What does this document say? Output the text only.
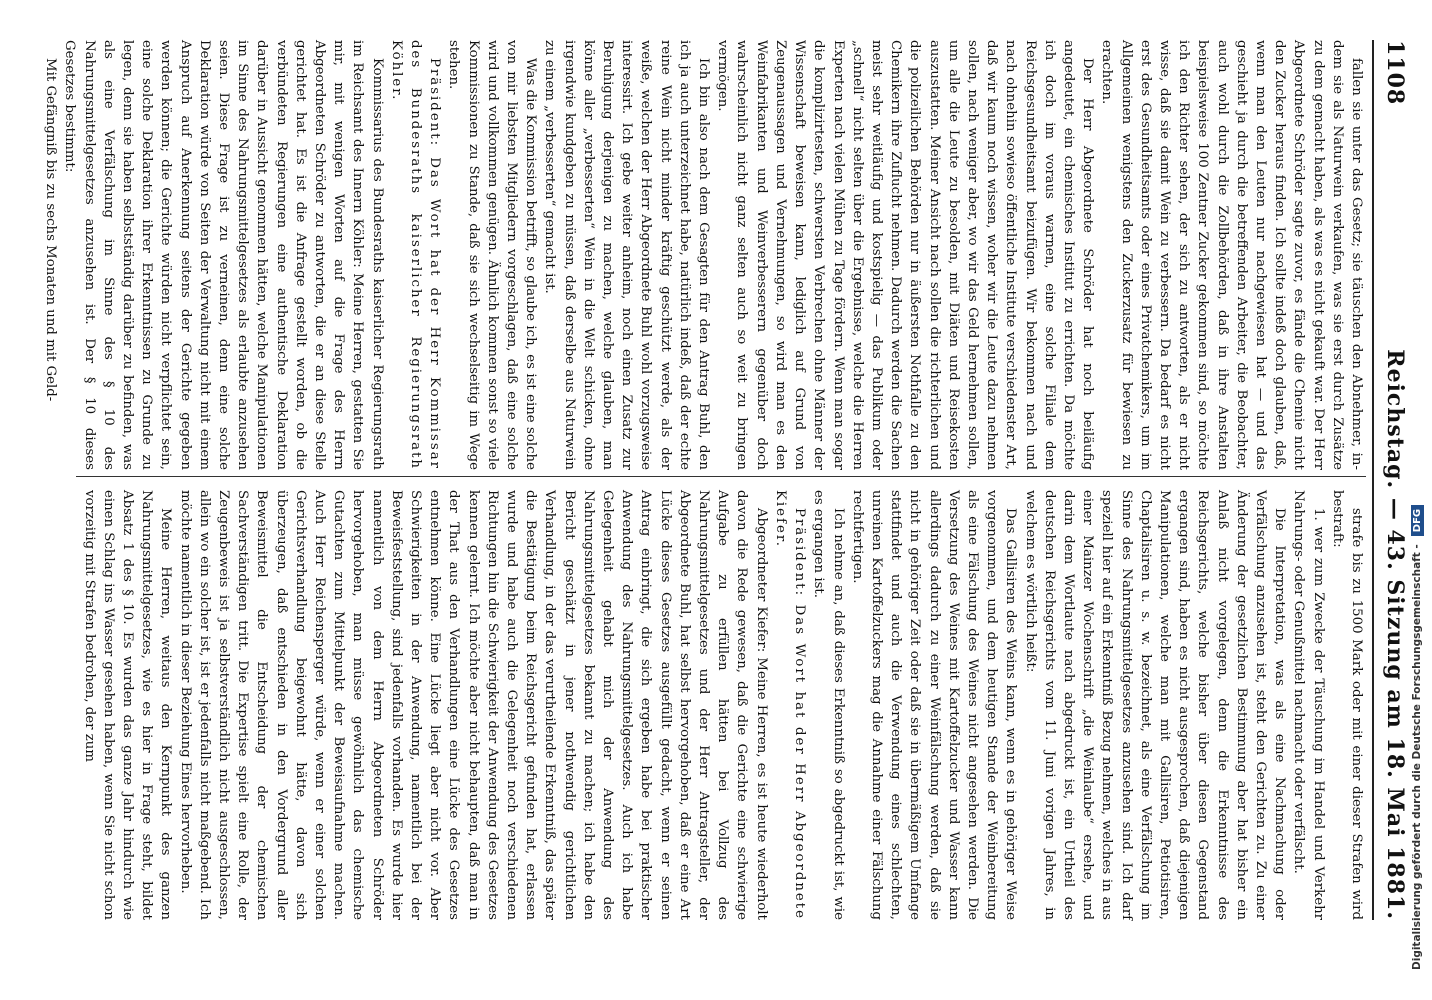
1108
Reichstag. — 43. Sitzung am 18. Mai 1881.

fallen sie unter das Gesetz; sie täuschen den Abnehmer, in-dem sie als Naturwein verkaufen, was sie erst durch Zusätze zu dem gemacht haben, als was es nicht gekauft war. Der Herr Abgeordnete Schröder sagte zuvor, es fände die Chemie nicht den Zucker heraus finden. Ich sollte indeß doch glauben, daß, wenn man den Leuten nur nachgewiesen hat — und das geschieht ja durch die betreffenden Arbeiter, die Beobachter, auch wohl durch die Zollbehörden, daß in ihre Anstalten beispielsweise 100 Zentner Zucker gekommen sind, so möchte ich den Richter sehen, der sich zu antworten, als er nicht wisse, daß sie damit Wein zu verbessern. Da bedarf es nicht erst des Gesundheitsamts oder eines Privatchemikers, um im Allgemeinen wenigstens den Zuckerzusatz für bewiesen zu erachten.

Der Herr Abgeordnete Schröder hat noch beiläufig angedeutet, ein chemisches Institut zu errichten. Da möchte ich doch im voraus warnen, eine solche Filiale dem Reichsgesundheitsamt beizufügen. Wir bekommen nach und nach ohnehin sowieso öffentliche Institute verschiedenster Art, daß wir kaum noch wissen, woher wir die Leute dazu nehmen sollen, nach weniger aber, wo wir das Geld hernehmen sollen, um alle die Leute zu besolden, mit Diäten und Reisekosten auszustatten. Meiner Ansicht nach sollen die richterlichen und die polizeilichen Behörden nur in äußersten Nothfalle zu den Chemikern ihre Zuflucht nehmen. Dadurch werden die Sachen meist sehr weitläufig und kostspielig — das Publikum oder „schnell“ nicht selten über die Ergebnisse, welche die Herren Experten nach vielen Mühen zu Tage fördern. Wenn man sogar die komplizirtesten, schwersten Verbrechen ohne Männer der Wissenschaft beweisen kann, lediglich auf Grund von Zeugenaussagen und Vernehmungen, so wird man es den Weinfabrikanten und Weinverbesserern gegenüber doch wahrscheinlich nicht ganz selten auch so weit zu bringen vermögen.

Ich bin also nach dem Gesagten für den Antrag Buhl, den ich ja auch unterzeichnet habe, natürlich indeß, daß der echte reine Wein nicht minder kräftig geschützt werde, als der weiße, welchen der Herr Abgeordnete Buhl wohl vorzugsweise interessirt. Ich gebe weiter anheim, noch einen Zusatz zur Beruhigung derjenigen zu machen, welche glauben, man könne aller „verbesserten“ Wein in die Welt schicken, ohne irgendwie kundgeben zu müssen, daß derselbe aus Naturwein zu einem „verbesserten“ gemacht ist.

Was die Kommission betrifft, so glaube ich, es ist eine solche von mir liebsten Mitgliedern vorgeschlagen, daß eine solche wird und vollkommen genügen. Ähnlich kommen sonst so viele Kommissionen zu Stande, daß sie sich wechselseitig im Wege stehen.

Präsident: Das Wort hat der Herr Kommissar des Bundesraths kaiserlicher Regierungsrath Köhler.

Kommissarius des Bundesraths kaiserlicher Regierungsrath im Reichsamt des Innern Köhler: Meine Herren, gestatten Sie mir, mit wenigen Worten auf die Frage des Herrn Abgeordneten Schröder zu antworten, die er an diese Stelle gerichtet hat. Es ist die Anfrage gestellt worden, ob die verbündeten Regierungen eine authentische Deklaration darüber in Aussicht genommen hätten, welche Manipulationen im Sinne des Nahrungsmittelgesetzes als erlaubte anzusehen seien. Diese Frage ist zu verneinen, denn eine solche Deklaration würde von Seiten der Verwaltung nicht mit einem Anspruch auf Anerkennung seitens der Gerichte gegeben werden können; die Gerichte würden nicht verpflichtet sein, eine solche Deklaration ihrer Erkenntnissen zu Grunde zu legen, denn sie haben selbstständig darüber zu befinden, was als eine Verfälschung im Sinne des § 10 des Nahrungsmittelgesetzes anzusehen ist. Der § 10 dieses Gesetzes bestimmt:

Mit Gefängniß bis zu sechs Monaten und mit Geld-

strafe bis zu 1500 Mark oder mit einer dieser Strafen wird bestraft:

1. wer zum Zwecke der Täuschung im Handel und Verkehr Nahrungs- oder Genußmittel nachmacht oder verfälscht.

Die Interpretation, was als eine Nachmachung oder Verfälschung anzusehen ist, steht den Gerichten zu. Zu einer Änderung der gesetzlichen Bestimmung aber hat bisher ein Anlaß nicht vorgelegen, denn die Erkenntnisse des Reichsgerichts, welche bisher über diesen Gegenstand ergangen sind, haben es nicht ausgesprochen, daß diejenigen Manipulationen, welche man mit Gallisiren, Petiotisiren, Chaptalisiren u. s. w. bezeichnet, als eine Verfälschung im Sinne des Nahrungsmittelgesetzes anzusehen sind. Ich darf speziell hier auf ein Erkenntniß Bezug nehmen, welches in aus einer Mainzer Wochenschrift „die Weinlaube“ ersehe, und darin dem Wortlaute nach abgedruckt ist, ein Urtheil des deutschen Reichsgerichts vom 11. Juni vorigen Jahres, in welchem es wörtlich heißt:

Das Gallisiren des Weins kann, wenn es in gehöriger Weise vorgenommen, und dem heutigen Stande der Weinbereitung als eine Fälschung des Weines nicht angesehen werden. Die Versetzung des Weines mit Kartoffelzucker und Wasser kann allerdings dadurch zu einer Weinfälschung werden, daß sie nicht in gehöriger Zeit oder daß sie in übermäßigem Umfange stattfindet und auch die Verwendung eines schlechten, unreinen Kartoffelzuckers mag die Annahme einer Fälschung rechtfertigen.

Ich nehme an, daß dieses Erkenntniß so abgedruckt ist, wie es ergangen ist.

Präsident: Das Wort hat der Herr Abgeordnete Kiefer.

Abgeordneter Kiefer: Meine Herren, es ist heute wiederholt davon die Rede gewesen, daß die Gerichte eine schwierige Aufgabe zu erfüllen hätten bei Vollzug des Nahrungsmittelgesetzes und der Herr Antragsteller, der Abgeordnete Buhl, hat selbst hervorgehoben, daß er eine Art Lücke dieses Gesetzes ausgefüllt gedacht, wenn er seinen Antrag einbringt, die sich ergeben habe bei praktischer Anwendung des Nahrungsmittelgesetzes. Auch ich habe Gelegenheit gehabt mich der Anwendung des Nahrungsmittelgesetzes bekannt zu machen; ich habe den Bericht geschätzt in jener nothwendig gerichtlichen Verhandlung, in der das verurtheilende Erkenntniß, das später die Bestätigung beim Reichsgericht gefunden hat, erlassen wurde und habe auch die Gelegenheit noch verschiedenen Richtungen hin die Schwierigkeit der Anwendung des Gesetzes kennen gelernt. Ich möchte aber nicht behaupten, daß man in der That aus den Verhandlungen eine Lücke des Gesetzes entnehmen könne. Eine Lücke liegt aber nicht vor. Aber Schwierigkeiten in der Anwendung, namentlich bei der Beweisfeststellung, sind jedenfalls vorhanden. Es wurde hier namentlich von dem Herrn Abgeordneten Schröder hervorgehoben, man müsse gewöhnlich das chemische Gutachten zum Mittelpunkt der Beweisaufnahme machen. Auch Herr Reichensperger würde, wenn er einer solchen Gerichtsverhandlung beigewohnt hätte, davon sich überzeugen, daß entschieden in den Vordergrund aller Beweismittel die Entscheidung der chemischen Sachverständigen tritt. Die Expertise spielt eine Rolle, der Zeugenbeweis ist ja selbstverständlich nicht ausgeschlossen, allein wo ein solcher ist, ist er jedenfalls nicht maßgebend. Ich möchte namentlich in dieser Beziehung Eines hervorheben.

Meine Herren, weitaus den Kernpunkt des ganzen Nahrungsmittelgesetzes, wie es hier in Frage steht, bildet Absatz 1 des § 10. Es wurden das ganze Jahr hindurch wie einen Schlag ins Wasser gesehen haben, wenn Sie nicht schon vorzeitig mit Strafen bedrohen, der zum	Digitalisierung gefördert durch die Deutsche Forschungsgemeinschaft -
DFG
